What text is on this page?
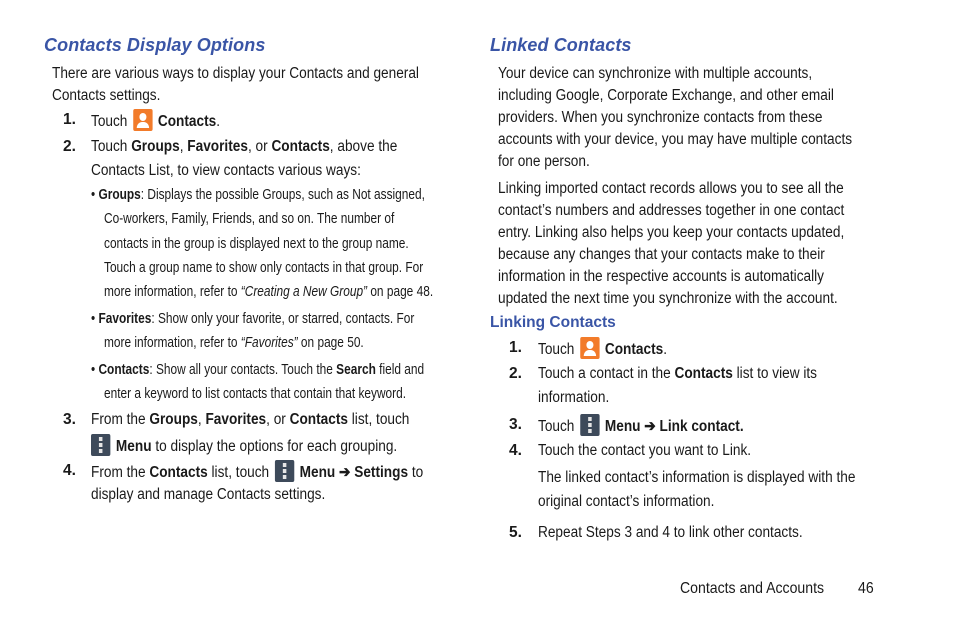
Contacts Display Options
There are various ways to display your Contacts and general
Contacts settings.
1. Touch Contacts.
2. Touch Groups, Favorites, or Contacts, above the
Contacts List, to view contacts various ways:
• Groups: Displays the possible Groups, such as Not assigned,
Co-workers, Family, Friends, and so on. The number of
contacts in the group is displayed next to the group name.
Touch a group name to show only contacts in that group. For
more information, refer to “Creating a New Group” on page 48.
• Favorites: Show only your favorite, or starred, contacts. For
more information, refer to “Favorites” on page 50.
• Contacts: Show all your contacts. Touch the Search field and
enter a keyword to list contacts that contain that keyword.
3. From the Groups, Favorites, or Contacts list, touch
Menu to display the options for each grouping.
4. From the Contacts list, touch
Menu ➔ Settings to
display and manage Contacts settings.
Linked Contacts
Your device can synchronize with multiple accounts,
including Google, Corporate Exchange, and other email
providers. When you synchronize contacts from these
accounts with your device, you may have multiple contacts
for one person.
Linking imported contact records allows you to see all the
contact’s numbers and addresses together in one contact
entry. Linking also helps you keep your contacts updated,
because any changes that your contacts make to their
information in the respective accounts is automatically
updated the next time you synchronize with the account.
Linking Contacts
1. Touch Contacts.
2. Touch a contact in the Contacts list to view its
information.
3. Touch Menu ➔ Link contact.
4. Touch the contact you want to Link.
The linked contact’s information is displayed with the
original contact’s information.
5. Repeat Steps 3 and 4 to link other contacts.
Contacts and Accounts 46
